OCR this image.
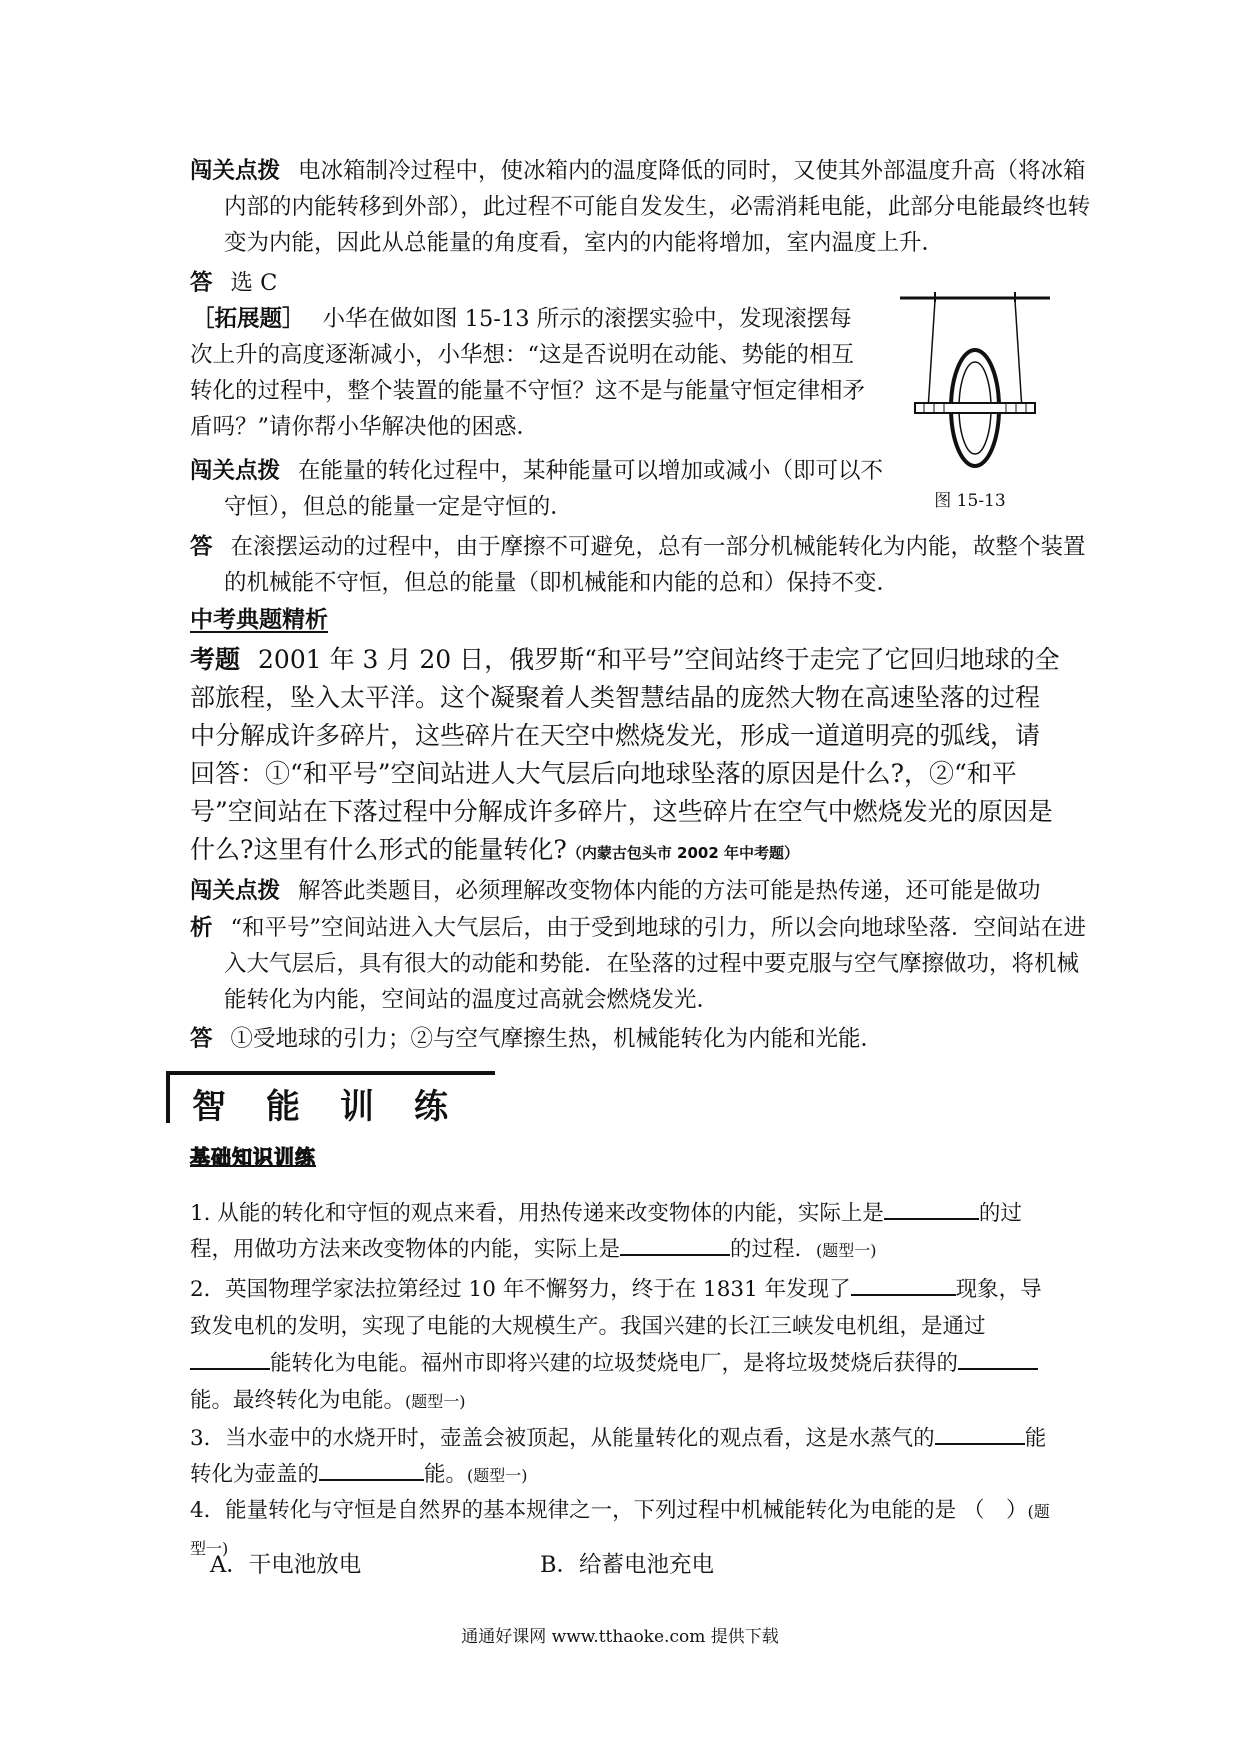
闯关点拨 电冰箱制冷过程中，使冰箱内的温度降低的同时，又使其外部温度升高（将冰箱内部的内能转移到外部），此过程不可能自发发生，必需消耗电能，此部分电能最终也转变为内能，因此从总能量的角度看，室内的内能将增加，室内温度上升．
答 选 C
［拓展题］ 小华在做如图 15-13 所示的滚摆实验中，发现滚摆每次上升的高度逐渐减小，小华想：“这是否说明在动能、势能的相互转化的过程中，整个装置的能量不守恒？这不是与能量守恒定律相矛盾吗？”请你帮小华解决他的困惑．
闯关点拨 在能量的转化过程中，某种能量可以增加或减小（即可以不守恒），但总的能量一定是守恒的．	图 15-13
答 在滚摆运动的过程中，由于摩擦不可避免，总有一部分机械能转化为内能，故整个装置的机械能不守恒，但总的能量（即机械能和内能的总和）保持不变．
中考典题精析
考题 2001 年 3 月 20 日，俄罗斯“和平号”空间站终于走完了它回归地球的全部旅程，坠入太平洋。这个凝聚着人类智慧结晶的庞然大物在高速坠落的过程中分解成许多碎片，这些碎片在天空中燃烧发光，形成一道道明亮的弧线，请回答：①“和平号”空间站进人大气层后向地球坠落的原因是什么?，②“和平号”空间站在下落过程中分解成许多碎片，这些碎片在空气中燃烧发光的原因是什么?这里有什么形式的能量转化?（内蒙古包头市 2002 年中考题）
闯关点拨 解答此类题目，必须理解改变物体内能的方法可能是热传递，还可能是做功
析 “和平号”空间站进入大气层后，由于受到地球的引力，所以会向地球坠落．空间站在进入大气层后，具有很大的动能和势能．在坠落的过程中要克服与空气摩擦做功，将机械能转化为内能，空间站的温度过高就会燃烧发光．
答 ①受地球的引力；②与空气摩擦生热，机械能转化为内能和光能．
智能训练
基础知识训练
1. 从能的转化和守恒的观点来看，用热传递来改变物体的内能，实际上是	的过程，用做功方法来改变物体的内能，实际上是	的过程．(题型一)
2．英国物理学家法拉第经过 10 年不懈努力，终于在 1831 年发现了	现象，导致发电机的发明，实现了电能的大规模生产。我国兴建的长江三峡发电机组，是通过能转化为电能。福州市即将兴建的垃圾焚烧电厂，是将垃圾焚烧后获得的能。最终转化为电能。(题型一)
3．当水壶中的水烧开时，壶盖会被顶起，从能量转化的观点看，这是水蒸气的	能转化为壶盖的	能。(题型一)
4．能量转化与守恒是自然界的基本规律之一，下列过程中机械能转化为电能的是 （　）(题型一)
A．干电池放电	B．给蓄电池充电
通通好课网 www.tthaoke.com 提供下载
